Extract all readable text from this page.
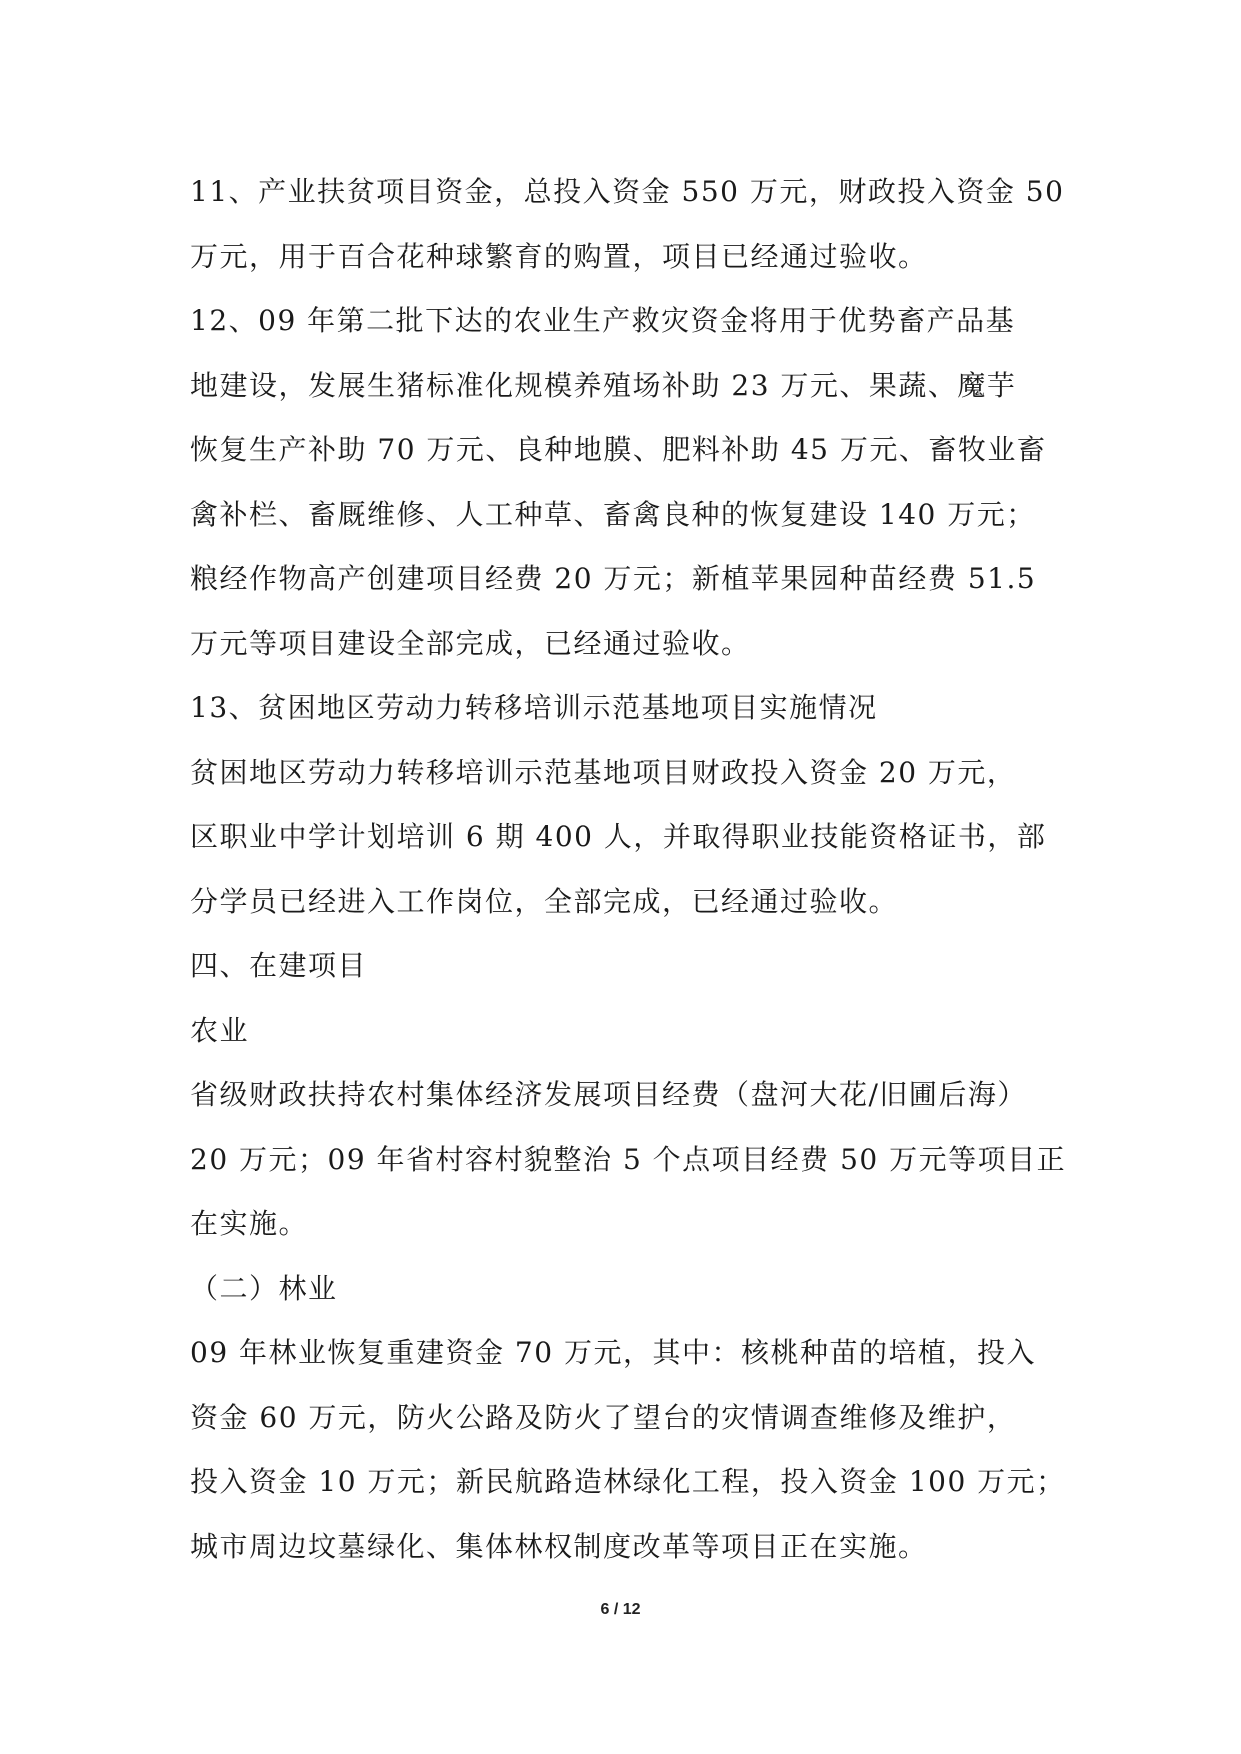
11、产业扶贫项目资金，总投入资金 550 万元，财政投入资金 50
万元，用于百合花种球繁育的购置，项目已经通过验收。
12、09 年第二批下达的农业生产救灾资金将用于优势畜产品基
地建设，发展生猪标准化规模养殖场补助 23 万元、果蔬、魔芋
恢复生产补助 70 万元、良种地膜、肥料补助 45 万元、畜牧业畜
禽补栏、畜厩维修、人工种草、畜禽良种的恢复建设 140 万元；
粮经作物高产创建项目经费 20 万元；新植苹果园种苗经费 51.5
万元等项目建设全部完成，已经通过验收。
13、贫困地区劳动力转移培训示范基地项目实施情况
贫困地区劳动力转移培训示范基地项目财政投入资金 20 万元，
区职业中学计划培训 6 期 400 人，并取得职业技能资格证书，部
分学员已经进入工作岗位，全部完成，已经通过验收。
四、在建项目
农业
省级财政扶持农村集体经济发展项目经费（盘河大花/旧圃后海）
20 万元；09 年省村容村貌整治 5 个点项目经费 50 万元等项目正
在实施。
（二）林业
09 年林业恢复重建资金 70 万元，其中：核桃种苗的培植，投入
资金 60 万元，防火公路及防火了望台的灾情调查维修及维护，
投入资金 10 万元；新民航路造林绿化工程，投入资金 100 万元；
城市周边坟墓绿化、集体林权制度改革等项目正在实施。
6 / 12
